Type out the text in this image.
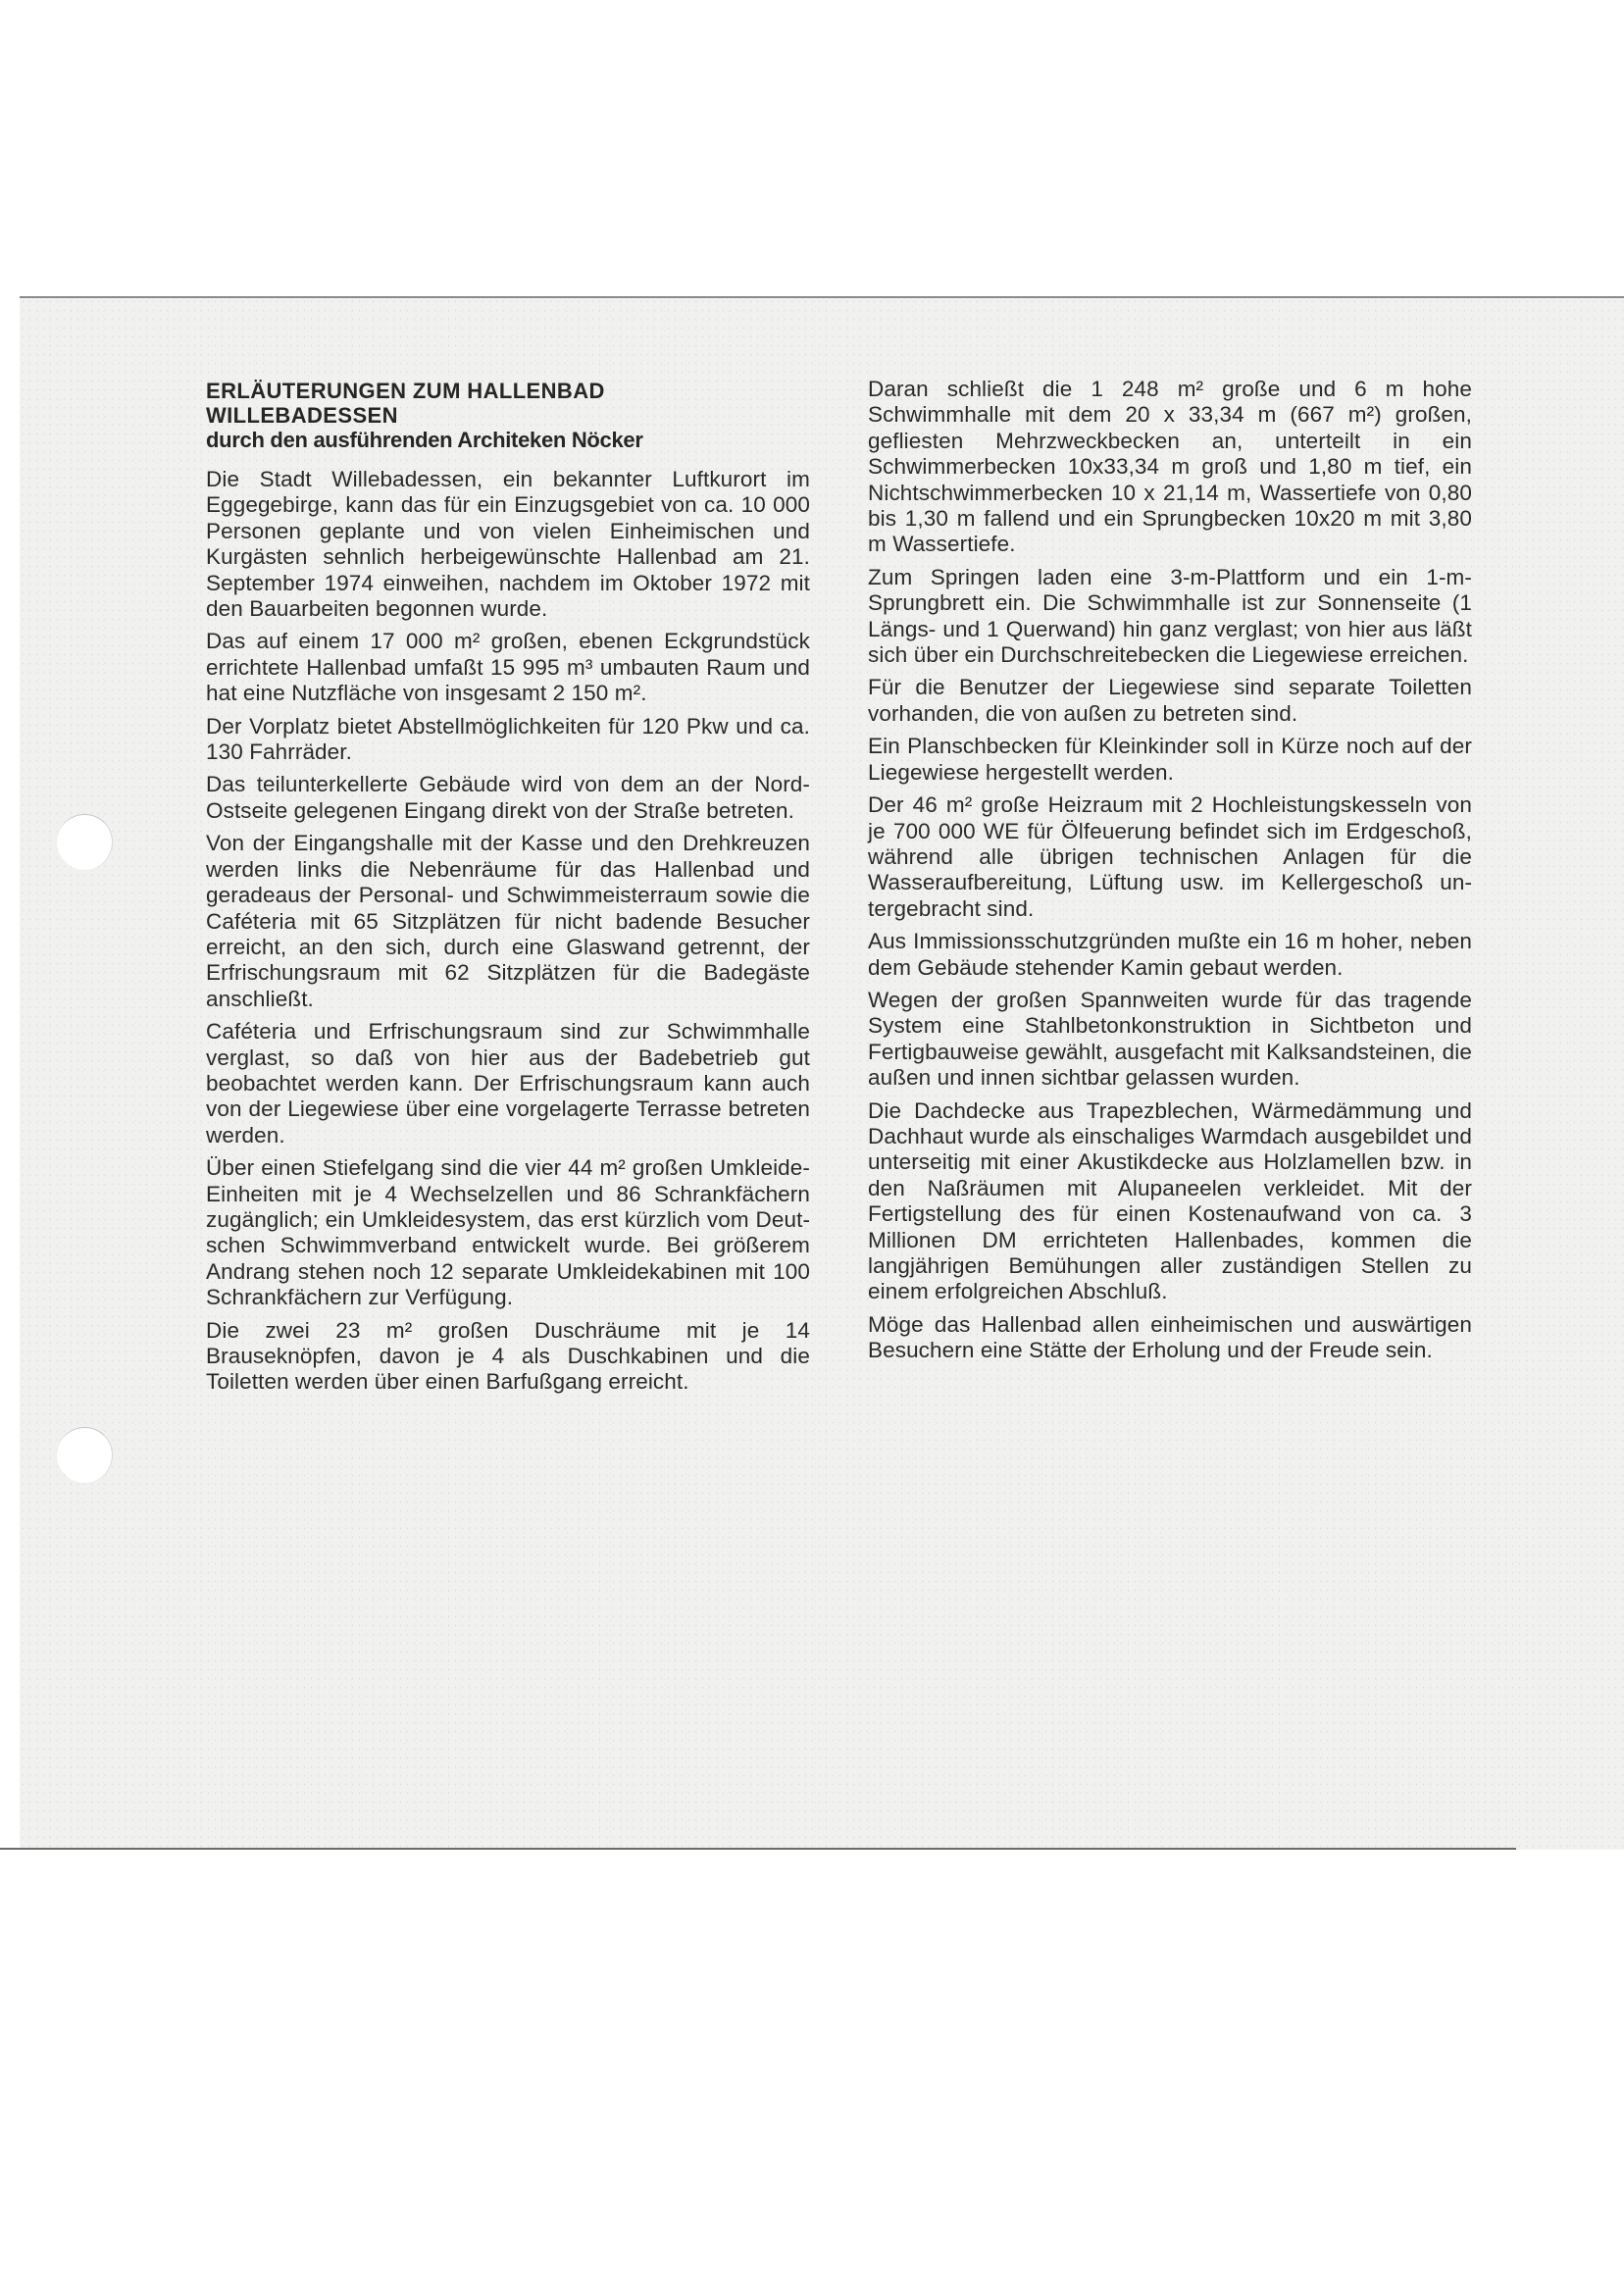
ERLÄUTERUNGEN ZUM HALLENBAD
WILLEBADESSEN
durch den ausführenden Architeken Nöcker

Die Stadt Willebadessen, ein bekannter Luftkurort im Eggegebirge, kann das für ein Einzugsgebiet von ca. 10 000 Personen geplante und von vielen Einheimischen und Kurgästen sehnlich herbeigewünschte Hallenbad am 21. September 1974 einweihen, nachdem im Oktober 1972 mit den Bauarbeiten begonnen wurde.

Das auf einem 17 000 m² großen, ebenen Eckgrundstück errichtete Hallenbad umfaßt 15 995 m³ umbauten Raum und hat eine Nutzfläche von insgesamt 2 150 m².

Der Vorplatz bietet Abstellmöglichkeiten für 120 Pkw und ca. 130 Fahrräder.

Das teilunterkellerte Gebäude wird von dem an der Nord-Ostseite gelegenen Eingang direkt von der Straße betreten.

Von der Eingangshalle mit der Kasse und den Drehkreuzen werden links die Nebenräume für das Hallenbad und geradeaus der Personal- und Schwimmeisterraum sowie die Caféteria mit 65 Sitzplätzen für nicht badende Besucher erreicht, an den sich, durch eine Glaswand getrennt, der Erfrischungsraum mit 62 Sitzplätzen für die Badegäste anschließt.

Caféteria und Erfrischungsraum sind zur Schwimmhalle verglast, so daß von hier aus der Badebetrieb gut beobachtet werden kann. Der Erfrischungsraum kann auch von der Liegewiese über eine vorgelagerte Terrasse betreten werden.

Über einen Stiefelgang sind die vier 44 m² großen Umkleide-Einheiten mit je 4 Wechselzellen und 86 Schrankfächern zugänglich; ein Umkleidesystem, das erst kürzlich vom Deutschen Schwimmverband entwickelt wurde. Bei größerem Andrang stehen noch 12 separate Umkleidekabinen mit 100 Schrankfächern zur Verfügung.

Die zwei 23 m² großen Duschräume mit je 14 Brauseknöpfen, davon je 4 als Duschkabinen und die Toiletten werden über einen Barfußgang erreicht.

Daran schließt die 1 248 m² große und 6 m hohe Schwimmhalle mit dem 20 x 33,34 m (667 m²) großen, gefliesten Mehrzweckbecken an, unterteilt in ein Schwimmerbecken 10x33,34 m groß und 1,80 m tief, ein Nichtschwimmerbecken 10 x 21,14 m, Wassertiefe von 0,80 bis 1,30 m fallend und ein Sprungbecken 10x20 m mit 3,80 m Wassertiefe.

Zum Springen laden eine 3-m-Plattform und ein 1-m-Sprungbrett ein. Die Schwimmhalle ist zur Sonnenseite (1 Längs- und 1 Querwand) hin ganz verglast; von hier aus läßt sich über ein Durchschreitebecken die Liegewiese erreichen.

Für die Benutzer der Liegewiese sind separate Toiletten vorhanden, die von außen zu betreten sind.

Ein Planschbecken für Kleinkinder soll in Kürze noch auf der Liegewiese hergestellt werden.

Der 46 m² große Heizraum mit 2 Hochleistungskesseln von je 700 000 WE für Ölfeuerung befindet sich im Erdgeschoß, während alle übrigen technischen Anlagen für die Wasseraufbereitung, Lüftung usw. im Kellergeschoß untergebracht sind.

Aus Immissionsschutzgründen mußte ein 16 m hoher, neben dem Gebäude stehender Kamin gebaut werden.

Wegen der großen Spannweiten wurde für das tragende System eine Stahlbetonkonstruktion in Sichtbeton und Fertigbauweise gewählt, ausgefacht mit Kalksandsteinen, die außen und innen sichtbar gelassen wurden.

Die Dachdecke aus Trapezblechen, Wärmedämmung und Dachhaut wurde als einschaliges Warmdach ausgebildet und unterseitig mit einer Akustikdecke aus Holzlamellen bzw. in den Naßräumen mit Alupaneelen verkleidet. Mit der Fertigstellung des für einen Kostenaufwand von ca. 3 Millionen DM errichteten Hallenbades, kommen die langjährigen Bemühungen aller zuständigen Stellen zu einem erfolgreichen Abschluß.

Möge das Hallenbad allen einheimischen und auswärtigen Besuchern eine Stätte der Erholung und der Freude sein.
